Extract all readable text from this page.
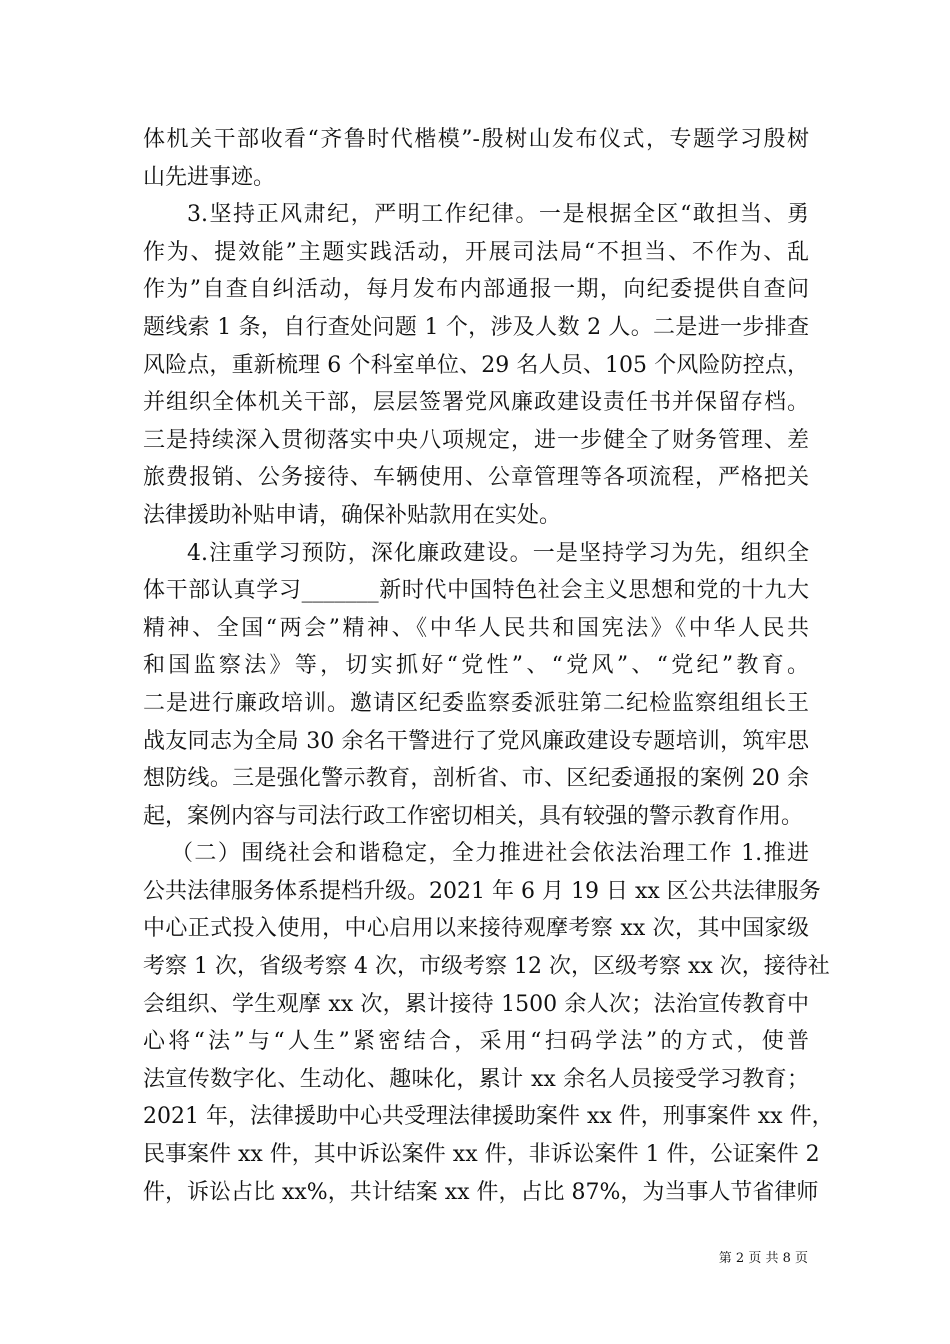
体机关干部收看“齐鲁时代楷模”-殷树山发布仪式，专题学习殷树
山先进事迹。
3.坚持正风肃纪，严明工作纪律。一是根据全区“敢担当、勇
作为、提效能”主题实践活动，开展司法局“不担当、不作为、乱
作为”自查自纠活动，每月发布内部通报一期，向纪委提供自查问
题线索 1 条，自行查处问题 1 个，涉及人数 2 人。二是进一步排查
风险点，重新梳理 6 个科室单位、29 名人员、105 个风险防控点，
并组织全体机关干部，层层签署党风廉政建设责任书并保留存档。
三是持续深入贯彻落实中央八项规定，进一步健全了财务管理、差
旅费报销、公务接待、车辆使用、公章管理等各项流程，严格把关
法律援助补贴申请，确保补贴款用在实处。
4.注重学习预防，深化廉政建设。一是坚持学习为先，组织全
体干部认真学习_______新时代中国特色社会主义思想和党的十九大
精神、全国“两会”精神、《中华人民共和国宪法》《中华人民共
和国监察法》等，切实抓好“党性”、“党风”、“党纪”教育。
二是进行廉政培训。邀请区纪委监察委派驻第二纪检监察组组长王
战友同志为全局 30 余名干警进行了党风廉政建设专题培训，筑牢思
想防线。三是强化警示教育，剖析省、市、区纪委通报的案例 20 余
起，案例内容与司法行政工作密切相关，具有较强的警示教育作用。
（二）围绕社会和谐稳定，全力推进社会依法治理工作 1.推进
公共法律服务体系提档升级。2021 年 6 月 19 日 xx 区公共法律服务
中心正式投入使用，中心启用以来接待观摩考察 xx 次，其中国家级
考察 1 次，省级考察 4 次，市级考察 12 次，区级考察 xx 次，接待社
会组织、学生观摩 xx 次，累计接待 1500 余人次；法治宣传教育中
心将“法”与“人生”紧密结合，采用“扫码学法”的方式，使普
法宣传数字化、生动化、趣味化，累计 xx 余名人员接受学习教育；
2021 年，法律援助中心共受理法律援助案件 xx 件，刑事案件 xx 件，
民事案件 xx 件，其中诉讼案件 xx 件，非诉讼案件 1 件，公证案件 2
件，诉讼占比 xx%，共计结案 xx 件，占比 87%，为当事人节省律师
第 2 页 共 8 页
